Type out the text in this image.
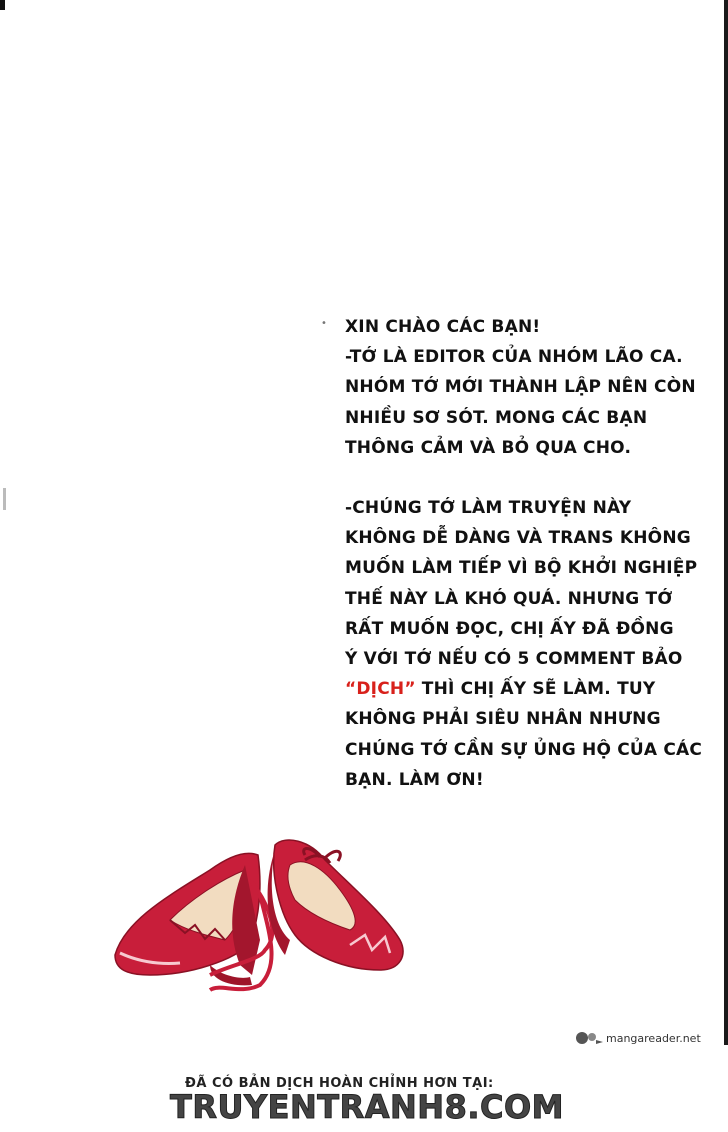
• XIN CHÀO CÁC BẠN!
-TỚ LÀ EDITOR CỦA NHÓM LÃO CA.
NHÓM TỚ MỚI THÀNH LẬP NÊN CÒN
NHIỀU SƠ SÓT. MONG CÁC BẠN
THÔNG CẢM VÀ BỎ QUA CHO.
-CHÚNG TỚ LÀM TRUYỆN NÀY
KHÔNG DỄ DÀNG VÀ TRANS KHÔNG
MUỐN LÀM TIẾP VÌ BỘ KHỞI NGHIỆP
THẾ NÀY LÀ KHÓ QUÁ. NHƯNG TỚ
RẤT MUỐN ĐỌC, CHỊ ẤY ĐÃ ĐỒNG
Ý VỚI TỚ NẾU CÓ 5 COMMENT BẢO
“DỊCH” THÌ CHỊ ẤY SẼ LÀM. TUY
KHÔNG PHẢI SIÊU NHÂN NHƯNG
CHÚNG TỚ CẦN SỰ ỦNG HỘ CỦA CÁC
BẠN. LÀM ƠN!
mangareader.net
ĐÃ CÓ BẢN DỊCH HOÀN CHỈNH HƠN TẠI:
TRUYENTRANH8.COM
